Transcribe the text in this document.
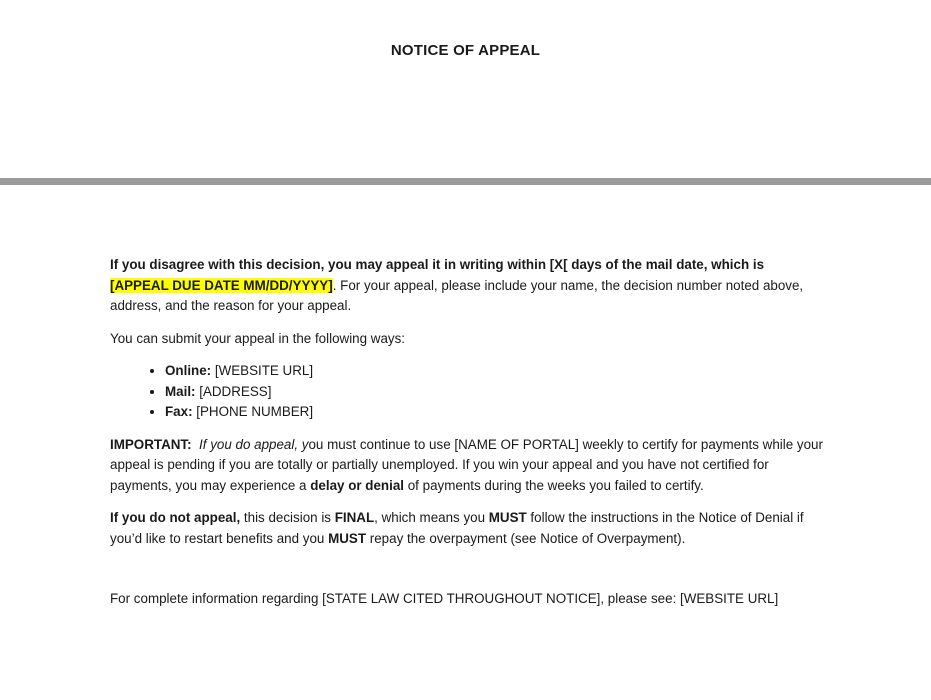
NOTICE OF APPEAL

If you disagree with this decision, you may appeal it in writing within [X[ days of the mail date, which is [APPEAL DUE DATE MM/DD/YYYY]. For your appeal, please include your name, the decision number noted above, address, and the reason for your appeal.

You can submit your appeal in the following ways:

• Online: [WEBSITE URL]
• Mail: [ADDRESS]
• Fax: [PHONE NUMBER]

IMPORTANT: If you do appeal, you must continue to use [NAME OF PORTAL] weekly to certify for payments while your appeal is pending if you are totally or partially unemployed. If you win your appeal and you have not certified for payments, you may experience a delay or denial of payments during the weeks you failed to certify.

If you do not appeal, this decision is FINAL, which means you MUST follow the instructions in the Notice of Denial if you’d like to restart benefits and you MUST repay the overpayment (see Notice of Overpayment).

For complete information regarding [STATE LAW CITED THROUGHOUT NOTICE], please see: [WEBSITE URL]
